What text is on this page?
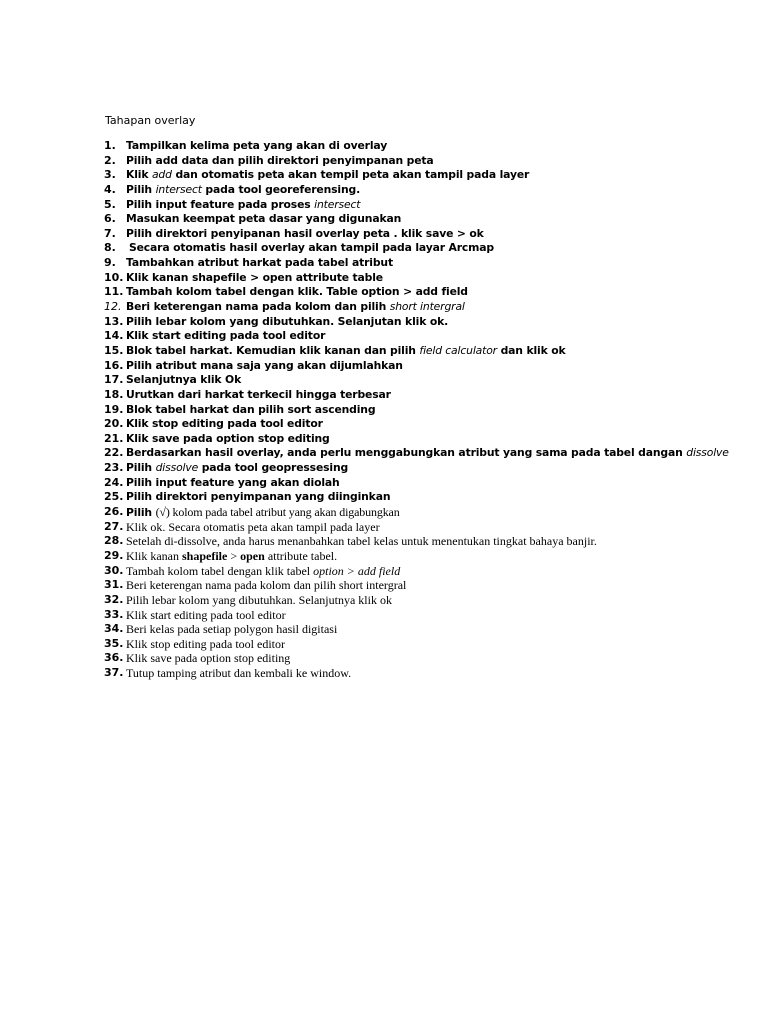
Tahapan overlay
1. Tampilkan kelima peta yang akan di overlay
2. Pilih add data dan pilih direktori penyimpanan peta
3. Klik add dan otomatis peta akan tempil peta akan tampil pada layer
4. Pilih intersect pada tool georeferensing.
5. Pilih input feature pada proses intersect
6. Masukan keempat peta dasar yang digunakan
7. Pilih direktori penyipanan hasil overlay peta . klik save > ok
8. Secara otomatis hasil overlay akan tampil pada layar Arcmap
9. Tambahkan atribut harkat pada tabel atribut
10. Klik kanan shapefile > open attribute table
11. Tambah kolom tabel dengan klik. Table option > add field
12. Beri keterengan nama pada kolom dan pilih short intergral
13. Pilih lebar kolom yang dibutuhkan. Selanjutan klik ok.
14. Klik start editing pada tool editor
15. Blok tabel harkat. Kemudian klik kanan dan pilih field calculator dan klik ok
16. Pilih atribut mana saja yang akan dijumlahkan
17. Selanjutnya klik Ok
18. Urutkan dari harkat terkecil hingga terbesar
19. Blok tabel harkat dan pilih sort ascending
20. Klik stop editing pada tool editor
21. Klik save pada option stop editing
22. Berdasarkan hasil overlay, anda perlu menggabungkan atribut yang sama pada tabel dangan dissolve
23. Pilih dissolve pada tool geopressesing
24. Pilih input feature yang akan diolah
25. Pilih direktori penyimpanan yang diinginkan
26. Pilih (√) kolom pada tabel atribut yang akan digabungkan
27. Klik ok. Secara otomatis peta akan tampil pada layer
28. Setelah di-dissolve, anda harus menanbahkan tabel kelas untuk menentukan tingkat bahaya banjir.
29. Klik kanan shapefile > open attribute tabel.
30. Tambah kolom tabel dengan klik tabel option > add field
31. Beri keterengan nama pada kolom dan pilih short intergral
32. Pilih lebar kolom yang dibutuhkan. Selanjutnya klik ok
33. Klik start editing pada tool editor
34. Beri kelas pada setiap polygon hasil digitasi
35. Klik stop editing pada tool editor
36. Klik save pada option stop editing
37. Tutup tamping atribut dan kembali ke window.
